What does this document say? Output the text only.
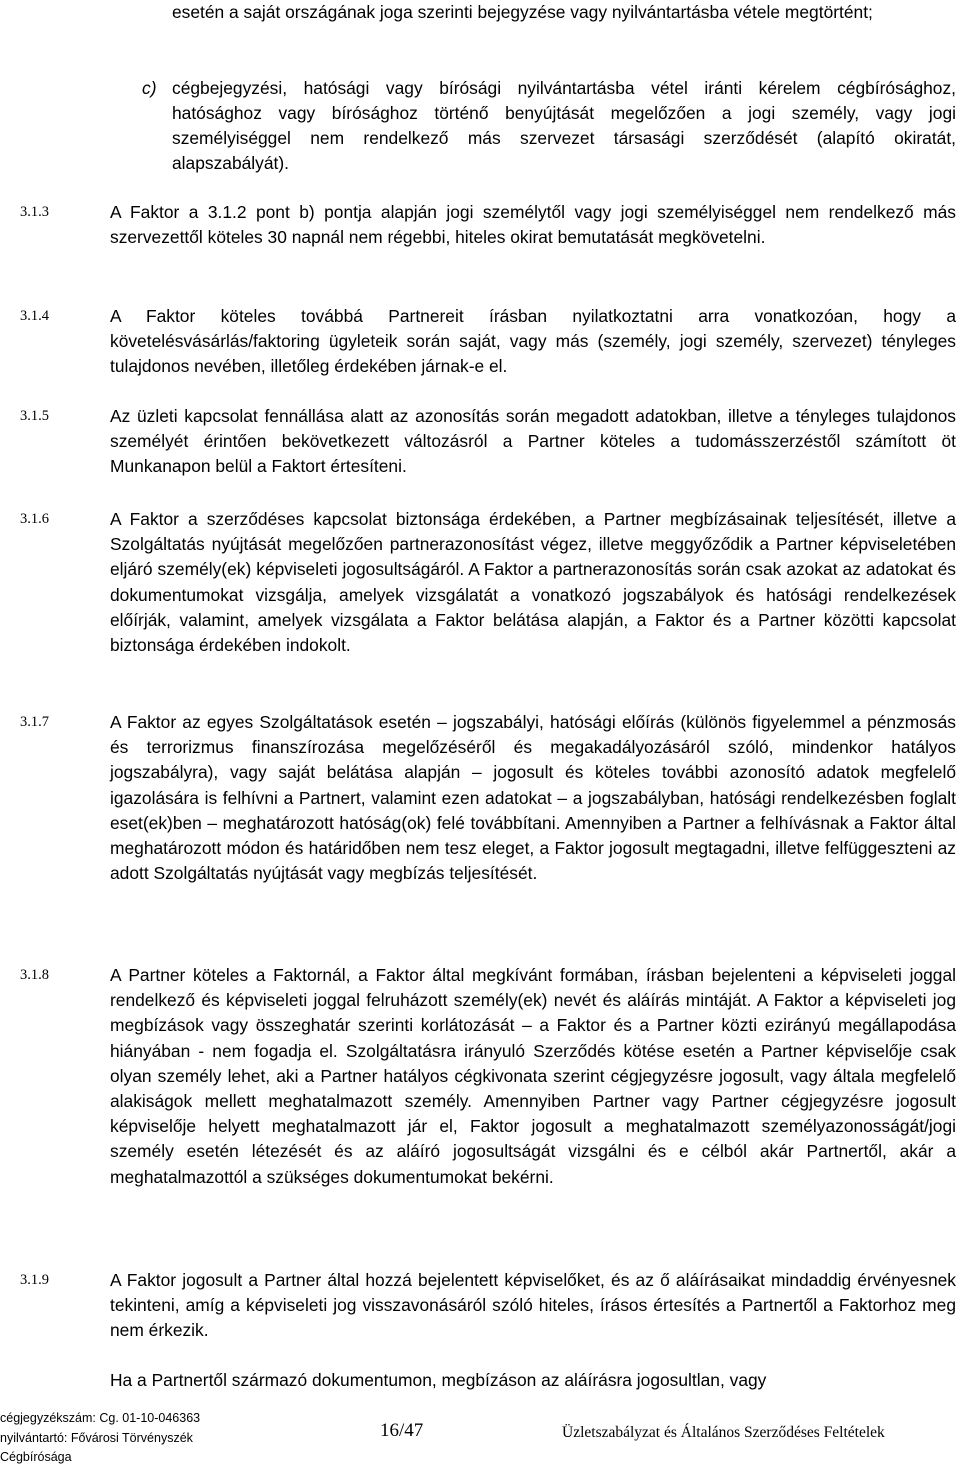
esetén a saját országának joga szerinti bejegyzése vagy nyilvántartásba vétele megtörtént;

c) cégbejegyzési, hatósági vagy bírósági nyilvántartásba vétel iránti kérelem cégbírósághoz, hatósághoz vagy bírósághoz történő benyújtását megelőzően a jogi személy, vagy jogi személyiséggel nem rendelkező más szervezet társasági szerződését (alapító okiratát, alapszabályát).
3.1.3	A Faktor a 3.1.2 pont b) pontja alapján jogi személytől vagy jogi személyiséggel nem rendelkező más szervezettől köteles 30 napnál nem régebbi, hiteles okirat bemutatását megkövetelni.
3.1.4	A Faktor köteles továbbá Partnereit írásban nyilatkoztatni arra vonatkozóan, hogy a követelésvásárlás/faktoring ügyleteik során saját, vagy más (személy, jogi személy, szervezet) tényleges tulajdonos nevében, illetőleg érdekében járnak-e el.
3.1.5	Az üzleti kapcsolat fennállása alatt az azonosítás során megadott adatokban, illetve a tényleges tulajdonos személyét érintően bekövetkezett változásról a Partner köteles a tudomásszerzéstől számított öt Munkanapon belül a Faktort értesíteni.
3.1.6	A Faktor a szerződéses kapcsolat biztonsága érdekében, a Partner megbízásainak teljesítését, illetve a Szolgáltatás nyújtását megelőzően partnerazonosítást végez, illetve meggyőződik a Partner képviseletében eljáró személy(ek) képviseleti jogosultságáról. A Faktor a partnerazonosítás során csak azokat az adatokat és dokumentumokat vizsgálja, amelyek vizsgálatát a vonatkozó jogszabályok és hatósági rendelkezések előírják, valamint, amelyek vizsgálata a Faktor belátása alapján, a Faktor és a Partner közötti kapcsolat biztonsága érdekében indokolt.
3.1.7	A Faktor az egyes Szolgáltatások esetén – jogszabályi, hatósági előírás (különös figyelemmel a pénzmosás és terrorizmus finanszírozása megelőzéséről és megakadályozásáról szóló, mindenkor hatályos jogszabályra), vagy saját belátása alapján – jogosult és köteles további azonosító adatok megfelelő igazolására is felhívni a Partnert, valamint ezen adatokat – a jogszabályban, hatósági rendelkezésben foglalt eset(ek)ben – meghatározott hatóság(ok) felé továbbítani. Amennyiben a Partner a felhívásnak a Faktor által meghatározott módon és határidőben nem tesz eleget, a Faktor jogosult megtagadni, illetve felfüggeszteni az adott Szolgáltatás nyújtását vagy megbízás teljesítését.
3.1.8	A Partner köteles a Faktornál, a Faktor által megkívánt formában, írásban bejelenteni a képviseleti joggal rendelkező és képviseleti joggal felruházott személy(ek) nevét és aláírás mintáját. A Faktor a képviseleti jog megbízások vagy összeghatár szerinti korlátozását – a Faktor és a Partner közti ezirányú megállapodása hiányában - nem fogadja el. Szolgáltatásra irányuló Szerződés kötése esetén a Partner képviselője csak olyan személy lehet, aki a Partner hatályos cégkivonata szerint cégjegyzésre jogosult, vagy általa megfelelő alakiságok mellett meghatalmazott személy. Amennyiben Partner vagy Partner cégjegyzésre jogosult képviselője helyett meghatalmazott jár el, Faktor jogosult a meghatalmazott személyazonosságát/jogi személy esetén létezését és az aláíró jogosultságát vizsgálni és e célból akár Partnertől, akár a meghatalmazottól a szükséges dokumentumokat bekérni.
3.1.9	A Faktor jogosult a Partner által hozzá bejelentett képviselőket, és az ő aláírásaikat mindaddig érvényesnek tekinteni, amíg a képviseleti jog visszavonásáról szóló hiteles, írásos értesítés a Partnertől a Faktorhoz meg nem érkezik.
Ha a Partnertől származó dokumentumon, megbízáson az aláírásra jogosultlan, vagy
cégjegyzékszám: Cg. 01-10-046363
nyilvántartó: Fővárosi Törvényszék
Cégbírósága
16/47	Üzletszabályzat és Általános Szerződéses Feltételek
